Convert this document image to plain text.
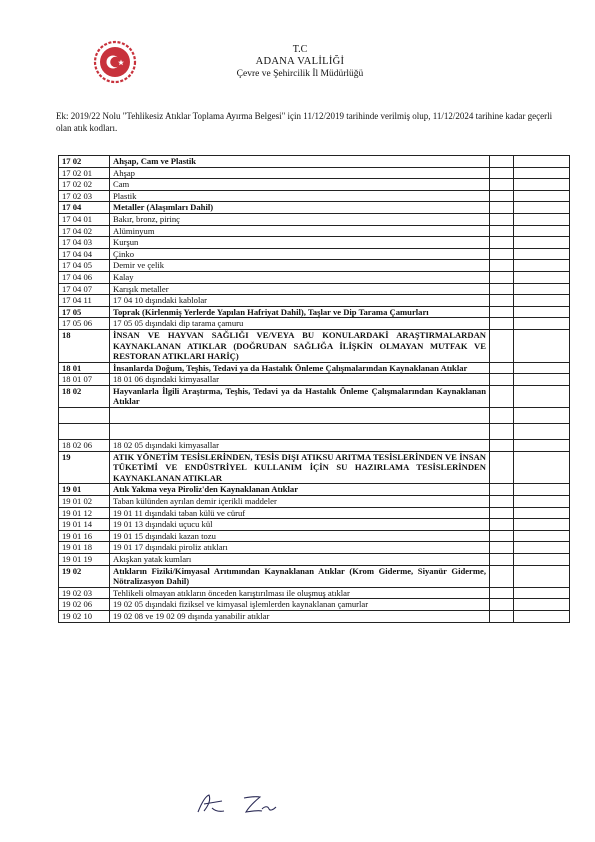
T.C
ADANA VALİLİĞİ
Çevre ve Şehircilik İl Müdürlüğü
Ek: 2019/22 Nolu "Tehlikesiz Atıklar Toplama Ayırma Belgesi" için 11/12/2019 tarihinde verilmiş olup, 11/12/2024 tarihine kadar geçerli olan atık kodları.
17 02	Ahşap, Cam ve Plastik		
17 02 01	Ahşap		
17 02 02	Cam		
17 02 03	Plastik		
17 04	Metaller (Alaşımları Dahil)		
17 04 01	Bakır, bronz, pirinç		
17 04 02	Alüminyum		
17 04 03	Kurşun		
17 04 04	Çinko		
17 04 05	Demir ve çelik		
17 04 06	Kalay		
17 04 07	Karışık metaller		
17 04 11	17 04 10 dışındaki kablolar		
17 05	Toprak (Kirlenmiş Yerlerde Yapılan Hafriyat Dahil), Taşlar ve Dip Tarama Çamurları		
17 05 06	17 05 05 dışındaki dip tarama çamuru		
18	İNSAN VE HAYVAN SAĞLIĞI VE/VEYA BU KONULARDAKİ ARAŞTIRMALARDAN KAYNAKLANAN ATIKLAR (DOĞRUDAN SAĞLIĞA İLİŞKİN OLMAYAN MUTFAK VE RESTORAN ATIKLARI HARİÇ)		
18 01	İnsanlarda Doğum, Teşhis, Tedavi ya da Hastalık Önleme Çalışmalarından Kaynaklanan Atıklar		
18 01 07	18 01 06 dışındaki kimyasallar		
18 02	Hayvanlarla İlgili Araştırma, Teşhis, Tedavi ya da Hastalık Önleme Çalışmalarından Kaynaklanan Atıklar		

18 02 06	18 02 05 dışındaki kimyasallar		
19	ATIK YÖNETİM TESİSLERİNDEN, TESİS DIŞI ATIKSU ARITMA TESİSLERİNDEN VE İNSAN TÜKETİMİ VE ENDÜSTRİYEL KULLANIM İÇİN SU HAZIRLAMA TESİSLERİNDEN KAYNAKLANAN ATIKLAR		
19 01	Atık Yakma veya Piroliz'den Kaynaklanan Atıklar		
19 01 02	Taban külünden ayrılan demir içerikli maddeler		
19 01 12	19 01 11 dışındaki taban külü ve cüruf		
19 01 14	19 01 13 dışındaki uçucu kül		
19 01 16	19 01 15 dışındaki kazan tozu		
19 01 18	19 01 17 dışındaki piroliz atıkları		
19 01 19	Akışkan yatak kumları		
19 02	Atıkların Fiziki/Kimyasal Arıtımından Kaynaklanan Atıklar (Krom Giderme, Siyanür Giderme, Nötralizasyon Dahil)		
19 02 03	Tehlikeli olmayan atıkların önceden karıştırılması ile oluşmuş atıklar		
19 02 06	19 02 05 dışındaki fiziksel ve kimyasal işlemlerden kaynaklanan çamurlar		
19 02 10	19 02 08 ve 19 02 09 dışında yanabilir atıklar		
